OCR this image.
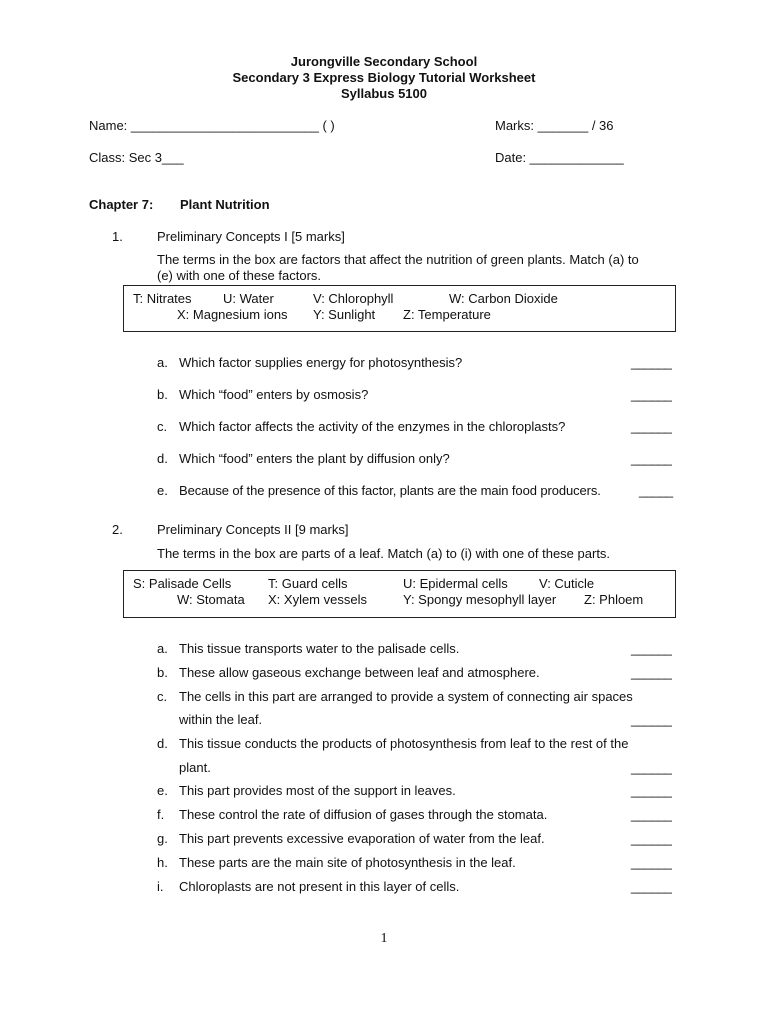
Jurongville Secondary School
Secondary 3 Express Biology Tutorial Worksheet
Syllabus 5100
Name: __________________________ ( )	Marks: _______ / 36
Class: Sec 3___	Date: _____________
Chapter 7: Plant Nutrition
1.	Preliminary Concepts I [5 marks]
The terms in the box are factors that affect the nutrition of green plants. Match (a) to
(e) with one of these factors.
T: Nitrates U: Water	V: Chlorophyll	W: Carbon Dioxide
X: Magnesium ions Y: Sunlight Z: Temperature
a. Which factor supplies energy for photosynthesis?	______
b. Which “food” enters by osmosis?	______
c. Which factor affects the activity of the enzymes in the chloroplasts?	______
d. Which “food” enters the plant by diffusion only?	______
e. Because of the presence of this factor, plants are the main food producers.	_____
2.	Preliminary Concepts II [9 marks]
The terms in the box are parts of a leaf. Match (a) to (i) with one of these parts.
S: Palisade Cells	T: Guard cells	U: Epidermal cells V: Cuticle
W: Stomata X: Xylem vessels	Y: Spongy mesophyll layer Z: Phloem
a. This tissue transports water to the palisade cells.	______
b. These allow gaseous exchange between leaf and atmosphere.	______
c. The cells in this part are arranged to provide a system of connecting air spaces
within the leaf.	______
d. This tissue conducts the products of photosynthesis from leaf to the rest of the
plant.	______
e. This part provides most of the support in leaves.	______
f. These control the rate of diffusion of gases through the stomata.	______
g. This part prevents excessive evaporation of water from the leaf.	______
h. These parts are the main site of photosynthesis in the leaf.	______
i. Chloroplasts are not present in this layer of cells.	______
1
